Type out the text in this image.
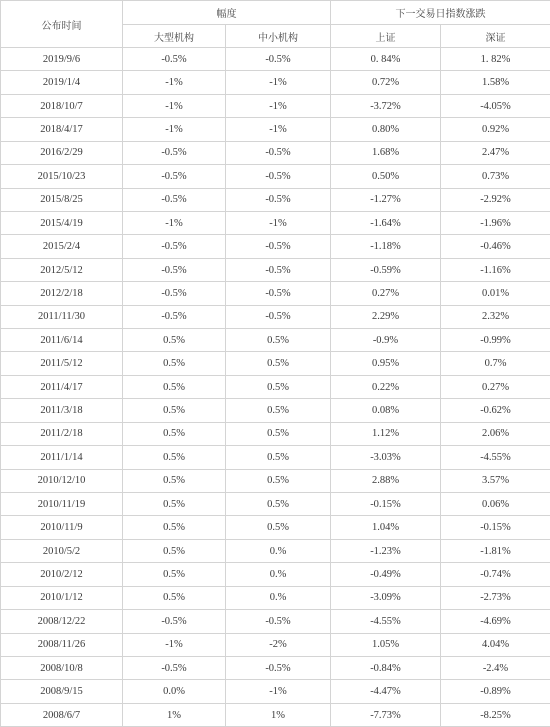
公布时间	幅度		下一交易日指数涨跌	
	大型机构	中小机构	上证	深证
2019/9/6	-0.5%	-0.5%	0. 84%	1. 82%
2019/1/4	-1%	-1%	0.72%	1.58%
2018/10/7	-1%	-1%	-3.72%	-4.05%
2018/4/17	-1%	-1%	0.80%	0.92%
2016/2/29	-0.5%	-0.5%	1.68%	2.47%
2015/10/23	-0.5%	-0.5%	0.50%	0.73%
2015/8/25	-0.5%	-0.5%	-1.27%	-2.92%
2015/4/19	-1%	-1%	-1.64%	-1.96%
2015/2/4	-0.5%	-0.5%	-1.18%	-0.46%
2012/5/12	-0.5%	-0.5%	-0.59%	-1.16%
2012/2/18	-0.5%	-0.5%	0.27%	0.01%
2011/11/30	-0.5%	-0.5%	2.29%	2.32%
2011/6/14	0.5%	0.5%	-0.9%	-0.99%
2011/5/12	0.5%	0.5%	0.95%	0.7%
2011/4/17	0.5%	0.5%	0.22%	0.27%
2011/3/18	0.5%	0.5%	0.08%	-0.62%
2011/2/18	0.5%	0.5%	1.12%	2.06%
2011/1/14	0.5%	0.5%	-3.03%	-4.55%
2010/12/10	0.5%	0.5%	2.88%	3.57%
2010/11/19	0.5%	0.5%	-0.15%	0.06%
2010/11/9	0.5%	0.5%	1.04%	-0.15%
2010/5/2	0.5%	0.%	-1.23%	-1.81%
2010/2/12	0.5%	0.%	-0.49%	-0.74%
2010/1/12	0.5%	0.%	-3.09%	-2.73%
2008/12/22	-0.5%	-0.5%	-4.55%	-4.69%
2008/11/26	-1%	-2%	1.05%	4.04%
2008/10/8	-0.5%	-0.5%	-0.84%	-2.4%
2008/9/15	0.0%	-1%	-4.47%	-0.89%
2008/6/7	1%	1%	-7.73%	-8.25%
